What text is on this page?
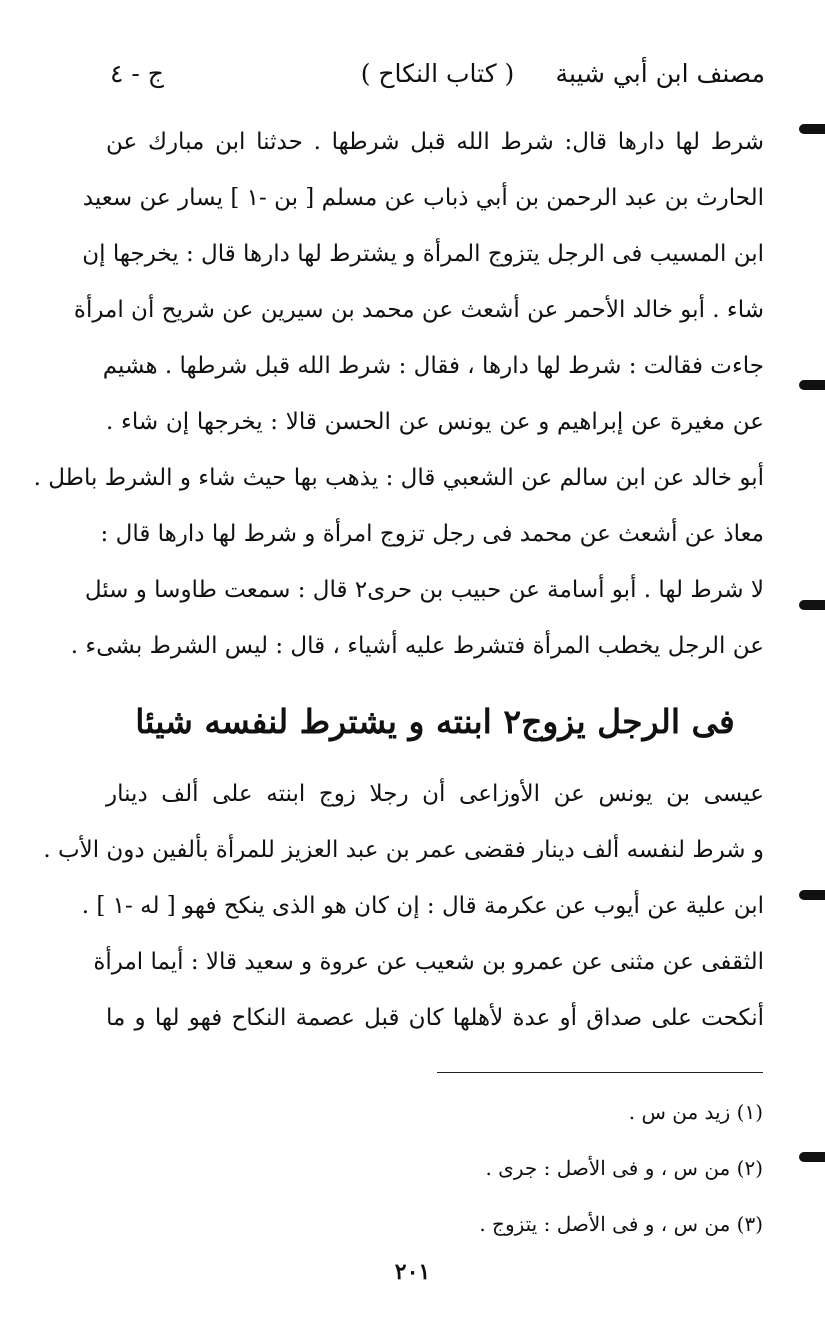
مصنف ابن أبي شيبة
( كتاب النكاح )
ج - ٤
شرط لها دارها قال: شرط الله قبل شرطها . حدثنا ابن مبارك عن
الحارث بن عبد الرحمن بن أبي ذباب عن مسلم [ بن -١ ] يسار عن سعيد
ابن المسيب فى الرجل يتزوج المرأة و يشترط لها دارها قال : يخرجها إن
شاء . أبو خالد الأحمر عن أشعث عن محمد بن سيرين عن شريح أن امرأة
جاءت فقالت : شرط لها دارها ، فقال : شرط الله قبل شرطها . هشيم
عن مغيرة عن إبراهيم و عن يونس عن الحسن قالا : يخرجها إن شاء .
أبو خالد عن ابن سالم عن الشعبي قال : يذهب بها حيث شاء و الشرط باطل .
معاذ عن أشعث عن محمد فى رجل تزوج امرأة و شرط لها دارها قال :
لا شرط لها . أبو أسامة عن حبيب بن حرى٢ قال : سمعت طاوسا و سئل
عن الرجل يخطب المرأة فتشرط عليه أشياء ، قال : ليس الشرط بشىء .
فى الرجل يزوج٢ ابنته و يشترط لنفسه شيئا
عيسى بن يونس عن الأوزاعى أن رجلا زوج ابنته على ألف دينار
و شرط لنفسه ألف دينار فقضى عمر بن عبد العزيز للمرأة بألفين دون الأب .
ابن علية عن أيوب عن عكرمة قال : إن كان هو الذى ينكح فهو [ له -١ ] .
الثقفى عن مثنى عن عمرو بن شعيب عن عروة و سعيد قالا : أيما امرأة
أنكحت على صداق أو عدة لأهلها كان قبل عصمة النكاح فهو لها و ما
(١) زيد من س .
(٢) من س ، و فى الأصل : جرى .
(٣) من س ، و فى الأصل : يتزوج .
٢٠١
